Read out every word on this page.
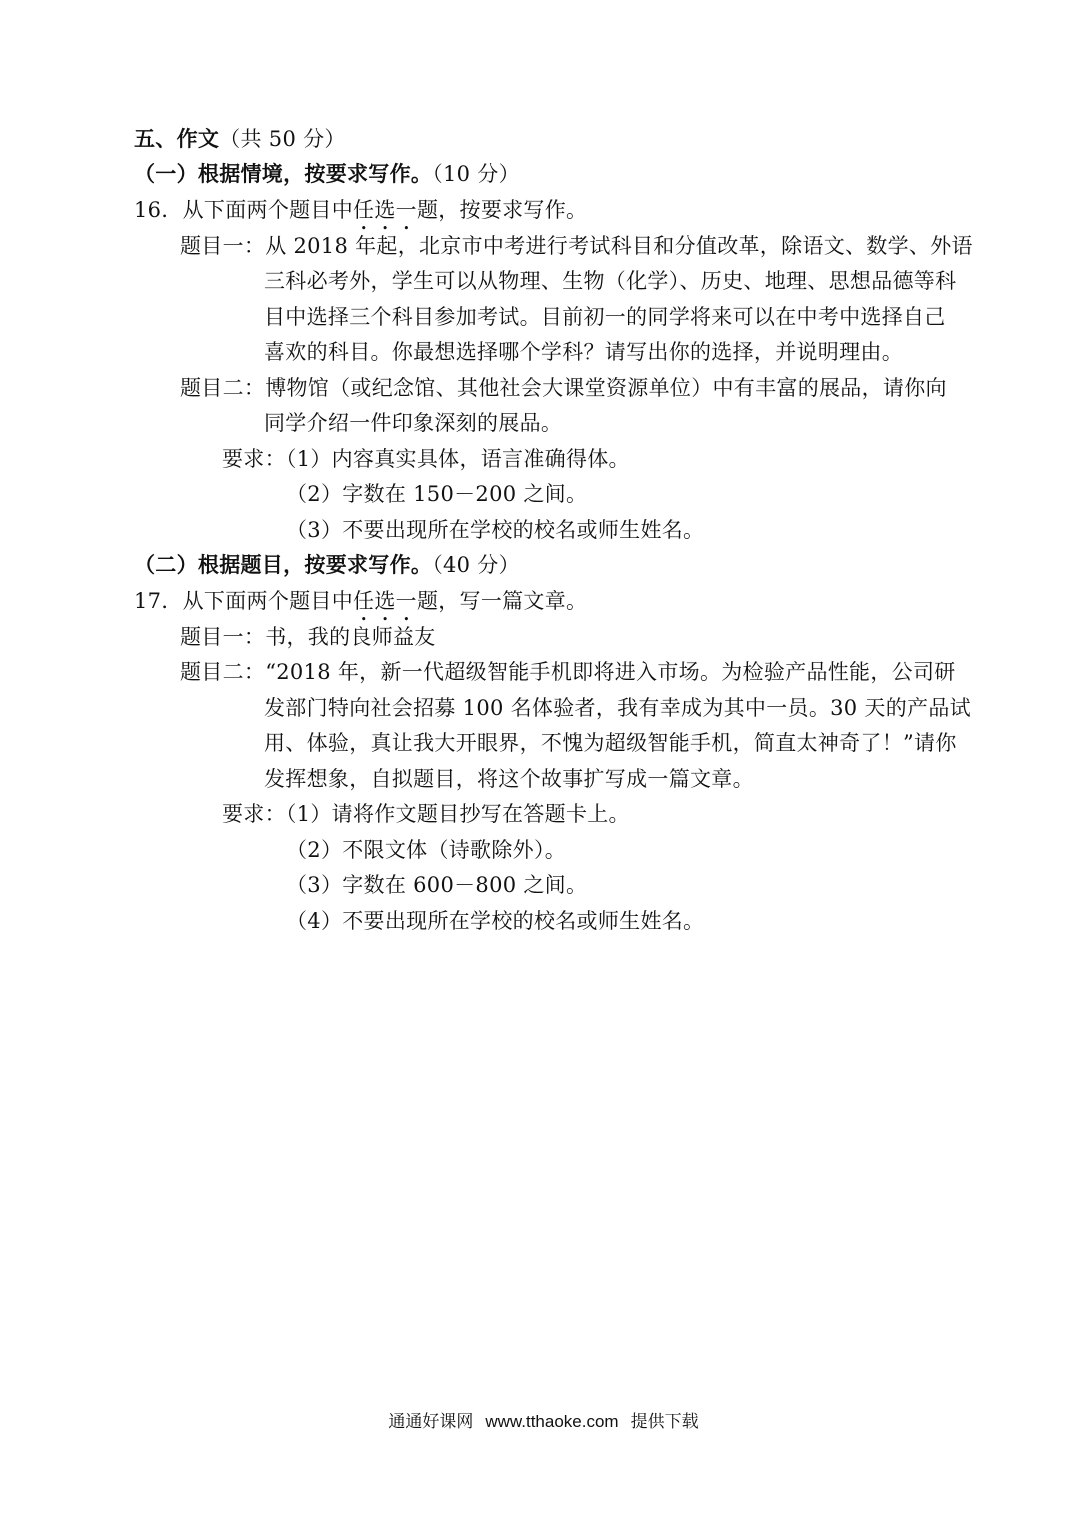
五、作文（共 50 分）
（一）根据情境，按要求写作。（10 分）
16．从下面两个题目中任选一题，按要求写作。
题目一：从 2018 年起，北京市中考进行考试科目和分值改革，除语文、数学、外语
三科必考外，学生可以从物理、生物（化学）、历史、地理、思想品德等科
目中选择三个科目参加考试。目前初一的同学将来可以在中考中选择自己
喜欢的科目。你最想选择哪个学科？请写出你的选择，并说明理由。
题目二：博物馆（或纪念馆、其他社会大课堂资源单位）中有丰富的展品，请你向
同学介绍一件印象深刻的展品。
要求：（1）内容真实具体，语言准确得体。
（2）字数在 150－200 之间。
（3）不要出现所在学校的校名或师生姓名。
（二）根据题目，按要求写作。（40 分）
17．从下面两个题目中任选一题，写一篇文章。
题目一：书，我的良师益友
题目二：“2018 年，新一代超级智能手机即将进入市场。为检验产品性能，公司研
发部门特向社会招募 100 名体验者，我有幸成为其中一员。30 天的产品试
用、体验，真让我大开眼界，不愧为超级智能手机，简直太神奇了！”请你
发挥想象，自拟题目，将这个故事扩写成一篇文章。
要求：（1）请将作文题目抄写在答题卡上。
（2）不限文体（诗歌除外）。
（3）字数在 600－800 之间。
（4）不要出现所在学校的校名或师生姓名。
通通好课网 www.tthaoke.com 提供下载
